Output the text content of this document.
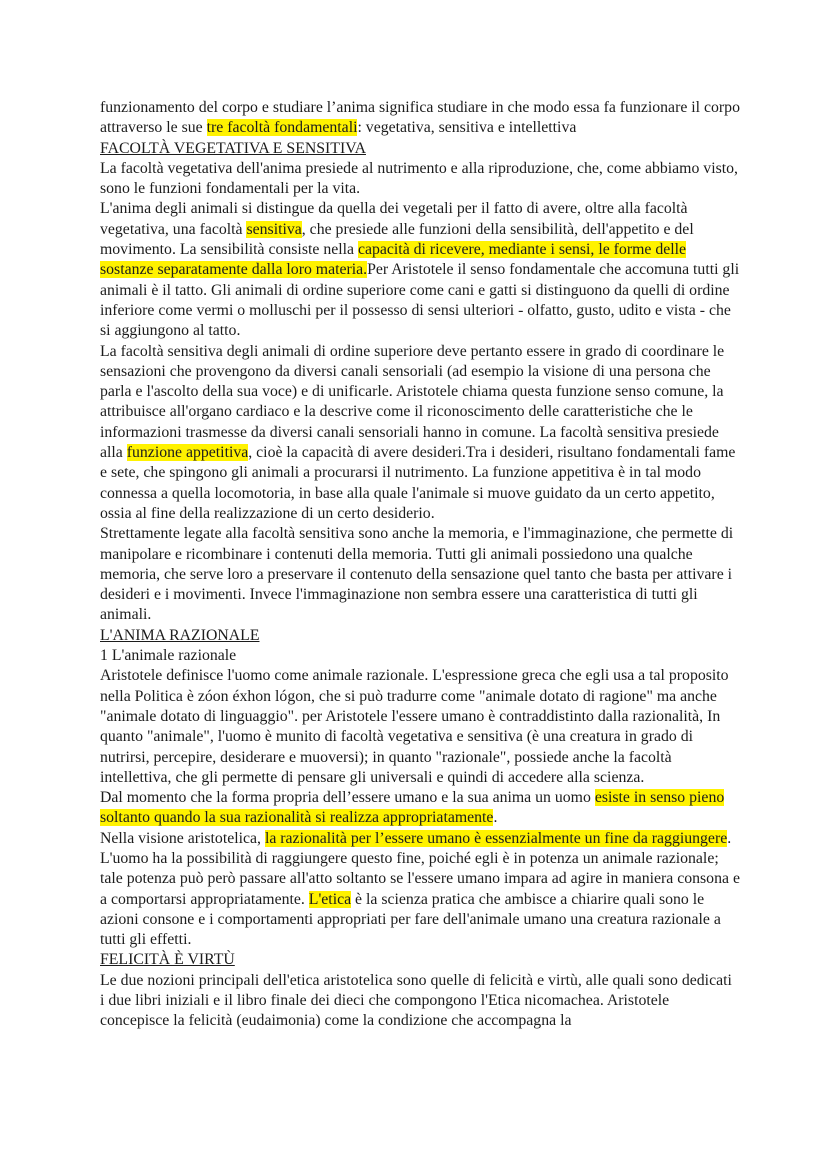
funzionamento del corpo e studiare l’anima significa studiare in che modo essa fa funzionare il corpo attraverso le sue tre facoltà fondamentali: vegetativa, sensitiva e intellettiva

FACOLTÀ VEGETATIVA E SENSITIVA

La facoltà vegetativa dell'anima presiede al nutrimento e alla riproduzione, che, come abbiamo visto, sono le funzioni fondamentali per la vita.

L'anima degli animali si distingue da quella dei vegetali per il fatto di avere, oltre alla facoltà vegetativa, una facoltà sensitiva, che presiede alle funzioni della sensibilità, dell'appetito e del movimento. La sensibilità consiste nella capacità di ricevere, mediante i sensi, le forme delle sostanze separatamente dalla loro materia.Per Aristotele il senso fondamentale che accomuna tutti gli animali è il tatto. Gli animali di ordine superiore come cani e gatti si distinguono da quelli di ordine inferiore come vermi o molluschi per il possesso di sensi ulteriori - olfatto, gusto, udito e vista - che si aggiungono al tatto.

La facoltà sensitiva degli animali di ordine superiore deve pertanto essere in grado di coordinare le sensazioni che provengono da diversi canali sensoriali (ad esempio la visione di una persona che parla e l'ascolto della sua voce) e di unificarle. Aristotele chiama questa funzione senso comune, la attribuisce all'organo cardiaco e la descrive come il riconoscimento delle caratteristiche che le informazioni trasmesse da diversi canali sensoriali hanno in comune. La facoltà sensitiva presiede alla funzione appetitiva, cioè la capacità di avere desideri.Tra i desideri, risultano fondamentali fame e sete, che spingono gli animali a procurarsi il nutrimento. La funzione appetitiva è in tal modo connessa a quella locomotoria, in base alla quale l'animale si muove guidato da un certo appetito, ossia al fine della realizzazione di un certo desiderio.

Strettamente legate alla facoltà sensitiva sono anche la memoria, e l'immaginazione, che permette di manipolare e ricombinare i contenuti della memoria. Tutti gli animali possiedono una qualche memoria, che serve loro a preservare il contenuto della sensazione quel tanto che basta per attivare i desideri e i movimenti. Invece l'immaginazione non sembra essere una caratteristica di tutti gli animali.

L'ANIMA RAZIONALE

1 L'animale razionale

Aristotele definisce l'uomo come animale razionale. L'espressione greca che egli usa a tal proposito nella Politica è zóon éxhon lógon, che si può tradurre come "animale dotato di ragione" ma anche "animale dotato di linguaggio". per Aristotele l'essere umano è contraddistinto dalla razionalità, In quanto "animale", l'uomo è munito di facoltà vegetativa e sensitiva (è una creatura in grado di nutrirsi, percepire, desiderare e muoversi); in quanto "razionale", possiede anche la facoltà intellettiva, che gli permette di pensare gli universali e quindi di accedere alla scienza.

Dal momento che la forma propria dell’essere umano e la sua anima un uomo esiste in senso pieno soltanto quando la sua razionalità si realizza appropriatamente.

Nella visione aristotelica, la razionalità per l’essere umano è essenzialmente un fine da raggiungere. L'uomo ha la possibilità di raggiungere questo fine, poiché egli è in potenza un animale razionale; tale potenza può però passare all'atto soltanto se l'essere umano impara ad agire in maniera consona e a comportarsi appropriatamente. L'etica è la scienza pratica che ambisce a chiarire quali sono le azioni consone e i comportamenti appropriati per fare dell'animale umano una creatura razionale a tutti gli effetti.

FELICITÀ È VIRTÙ

Le due nozioni principali dell'etica aristotelica sono quelle di felicità e virtù, alle quali sono dedicati i due libri iniziali e il libro finale dei dieci che compongono l'Etica nicomachea. Aristotele concepisce la felicità (eudaimonia) come la condizione che accompagna la
